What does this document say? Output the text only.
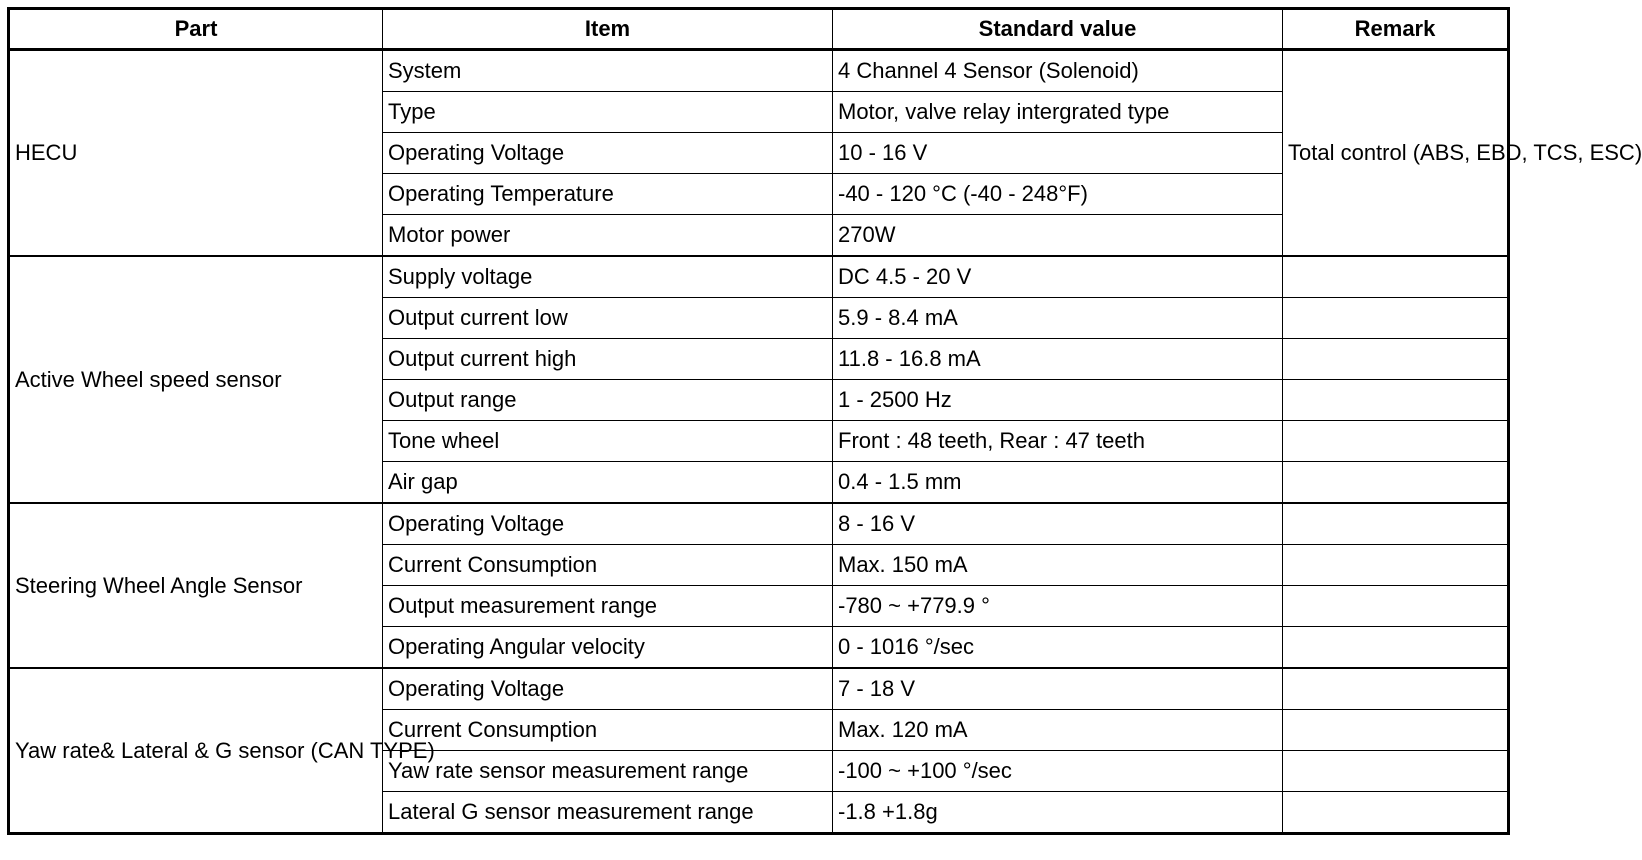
Part	Item	Standard value	Remark
HECU	System	4 Channel 4 Sensor (Solenoid)	Total control (ABS, EBD, TCS, ESC)
	Type	Motor, valve relay intergrated type	
	Operating Voltage	10 - 16 V	
	Operating Temperature	-40 - 120 °C (-40 - 248°F)	
	Motor power	270W	
Active Wheel speed sensor	Supply voltage	DC 4.5 - 20 V	
	Output current low	5.9 - 8.4 mA	
	Output current high	11.8 - 16.8 mA	
	Output range	1 - 2500 Hz	
	Tone wheel	Front : 48 teeth, Rear : 47 teeth	
	Air gap	0.4 - 1.5 mm	
Steering Wheel Angle Sensor	Operating Voltage	8 - 16 V	
	Current Consumption	Max. 150 mA	
	Output measurement range	-780 ~ +779.9 °	
	Operating Angular velocity	0 - 1016 °/sec	
Yaw rate& Lateral & G sensor (CAN TYPE)	Operating Voltage	7 - 18 V	
	Current Consumption	Max. 120 mA	
	Yaw rate sensor measurement range	-100 ~ +100 °/sec	
	Lateral G sensor measurement range	-1.8 +1.8g	
